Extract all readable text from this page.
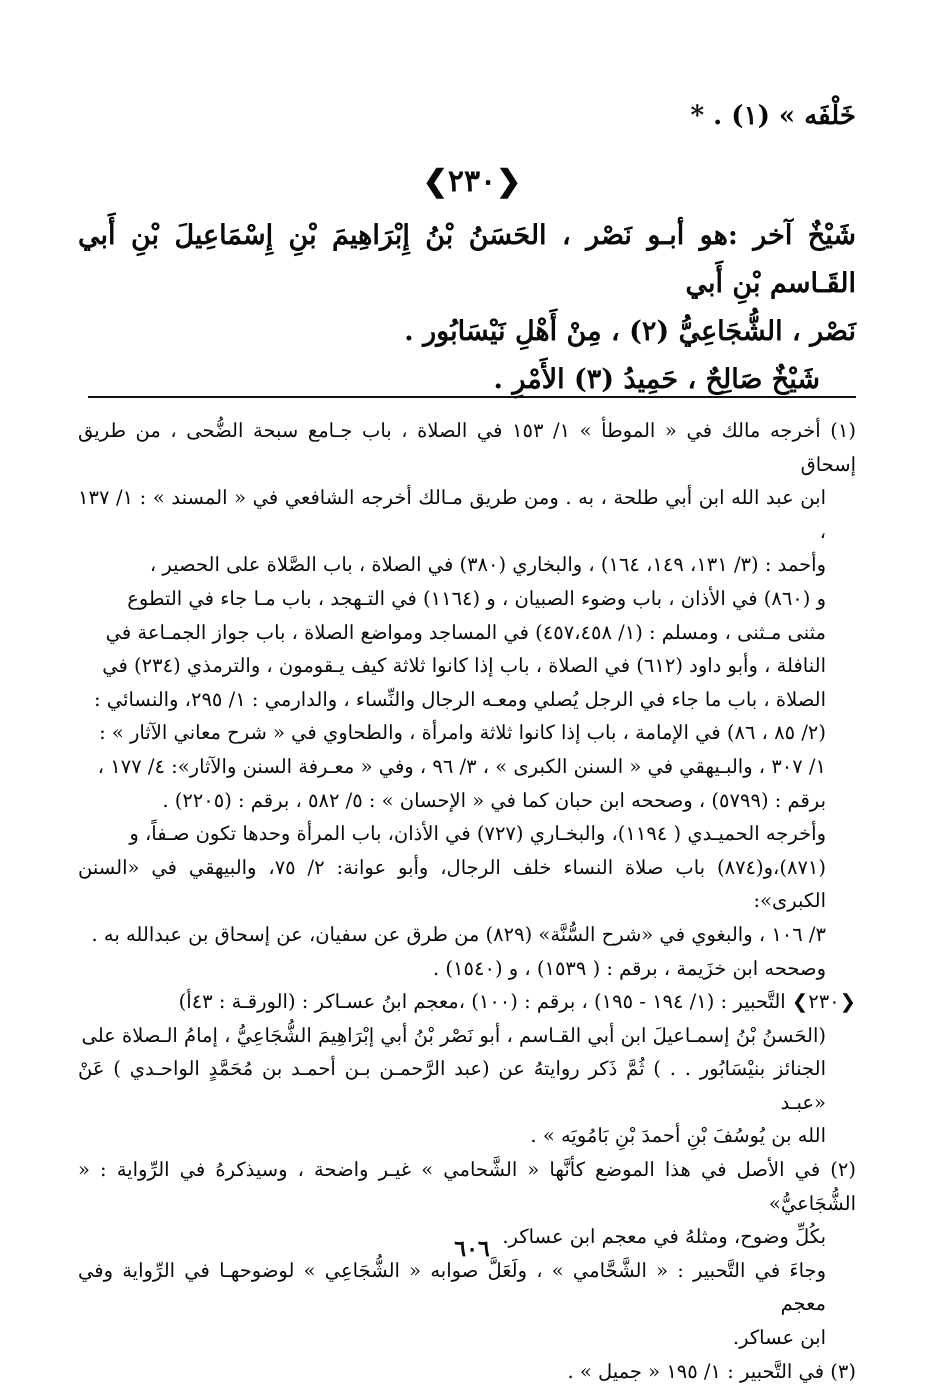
خَلْفَه » (١) . *
❮٢٣٠❯

شَيْخٌ آخر :هو أبـو نَصْر ، الحَسَنُ بْنُ إِبْرَاهِيمَ بْنِ إِسْمَاعِيلَ بْنِ أَبي القَـاسم بْنِ أَبي

نَصْر ، الشُّجَاعِيُّ (٢) ، مِنْ أَهْلِ نَيْسَابُور .

شَيْخٌ صَالِحٌ ، حَمِيدُ (٣) الأَمْرِ .

(١) أخرجه مالك في « الموطأ » ١/ ١٥٣ في الصلاة ، باب جـامع سبحة الضُّحى ، من طريق إسحاق

ابن عبد الله ابن أبي طلحة ، به . ومن طريق مـالك أخرجه الشافعي في « المسند » : ١/ ١٣٧ ،

وأحمد : (٣/ ١٣١، ١٤٩، ١٦٤) ، والبخاري (٣٨٠) في الصلاة ، باب الصَّلاة على الحصير ،

و (٨٦٠) في الأذان ، باب وضوء الصبيان ، و (١١٦٤) في التـهجد ، باب مـا جاء في التطوع

مثنى مـثنى ، ومسلم : (١/ ٤٥٧،٤٥٨) في المساجد ومواضع الصلاة ، باب جواز الجمـاعة في

النافلة ، وأبو داود (٦١٢) في الصلاة ، باب إذا كانوا ثلاثة كيف يـقومون ، والترمذي (٢٣٤) في

الصلاة ، باب ما جاء في الرجل يُصلي ومعـه الرجال والنِّساء ، والدارمي : ١/ ٢٩٥، والنسائي :

(٢/ ٨٥ ، ٨٦) في الإمامة ، باب إذا كانوا ثلاثة وامرأة ، والطحاوي في « شرح معاني الآثار » :

١/ ٣٠٧ ، والبـيهقي في « السنن الكبرى » ، ٣/ ٩٦ ، وفي « معـرفة السنن والآثار»: ٤/ ١٧٧ ،

برقم : (٥٧٩٩) ، وصححه ابن حبان كما في « الإحسان » : ٥/ ٥٨٢ ، برقم : (٢٢٠٥) .

وأخرجه الحميـدي ( ١١٩٤)، والبخـاري (٧٢٧) في الأذان، باب المرأة وحدها تكون صـفاً، و

(٨٧١)،و(٨٧٤) باب صلاة النساء خلف الرجال، وأبو عوانة: ٢/ ٧٥، والبيهقي في «السنن الكبرى»:

٣/ ١٠٦ ، والبغوي في «شرح السُّنَّة» (٨٢٩) من طرق عن سفيان، عن إسحاق بن عبدالله به .

وصححه ابن خزَيمة ، برقم : ( ١٥٣٩) ، و (١٥٤٠) .

❮٢٣٠❯ التَّحبير : (١/ ١٩٤ - ١٩٥) ، برقم : (١٠٠) ،معجم ابنُ عسـاكر : (الورقـة : ٤٣أ)

(الحَسنُ بْنُ إسمـاعيلَ ابن أبي القـاسم ، أبو نَصْر بْنُ أبي إبْرَاهِيمَ الشُّجَاعِيُّ ، إمامُ الـصلاة على

الجنائز بنيْسَابُور . . ) ثُمَّ ذَكر روايتهُ عن (عبد الرَّحمـن بـن أحمـد بن مُحَمَّدٍ الواحـدي ) عَنْ «عبـد

الله بن يُوسُفَ بْنِ أحمدَ بْنِ بَامُويَه » .

(٢) في الأصل في هذا الموضع كأنَّها « الشَّحامي » غيـر واضحة ، وسيذكرهُ في الرِّواية : « الشُّجَاعيُّ»

بكُلِّ وضوح، ومثلهُ في معجم ابن عساكر.

وجاءَ في التَّحبير : « الشَّحَّامي » ، ولَعَلَّ صوابه « الشُّجَاعِي » لوضوحهـا في الرِّواية وفي معجم

ابن عساكر.

(٣) في التَّحبير : ١/ ١٩٥ « جميل » .

٦٠٦
